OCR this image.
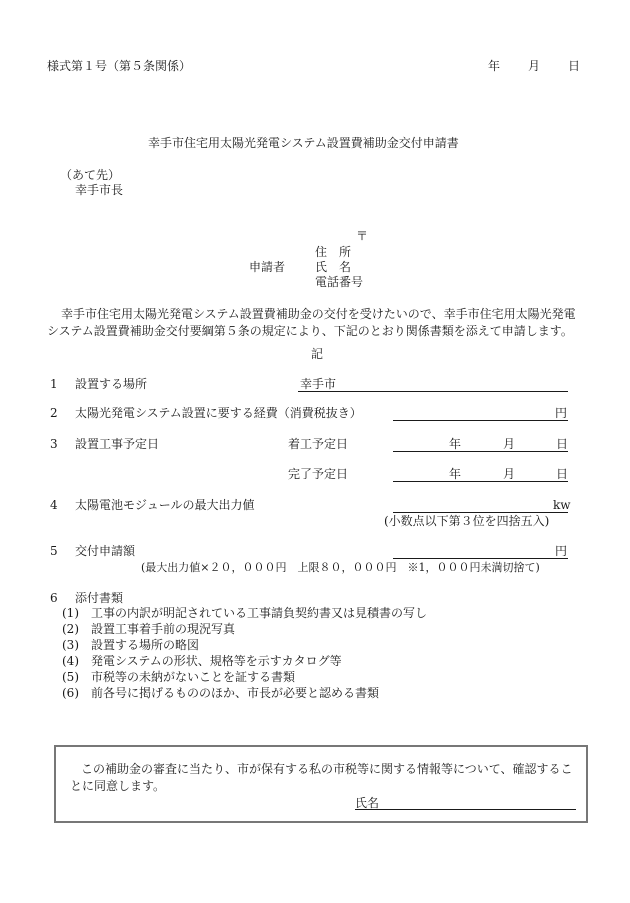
様式第１号（第５条関係）	年 月 日
幸手市住宅用太陽光発電システム設置費補助金交付申請書
（あて先）
幸手市長
〒
住　所
申請者 氏　名
電話番号
幸手市住宅用太陽光発電システム設置費補助金の交付を受けたいので、幸手市住宅用太陽光発電システム設置費補助金交付要綱第５条の規定により、下記のとおり関係書類を添えて申請します。
記
1 設置する場所	幸手市
2 太陽光発電システム設置に要する経費（消費税抜き）	円
3 設置工事予定日	着工予定日	年	月	日
完了予定日	年	月	日
4 太陽電池モジュールの最大出力値	kw
(小数点以下第３位を四捨五入)
5 交付申請額	円
(最大出力値×２０，０００円　上限８０，０００円　※1，０００円未満切捨て)
6 添付書類
(1)　工事の内訳が明記されている工事請負契約書又は見積書の写し
(2)　設置工事着手前の現況写真
(3)　設置する場所の略図
(4)　発電システムの形状、規格等を示すカタログ等
(5)　市税等の未納がないことを証する書類
(6)　前各号に掲げるもののほか、市長が必要と認める書類
この補助金の審査に当たり、市が保有する私の市税等に関する情報等について、確認することに同意します。
氏名
